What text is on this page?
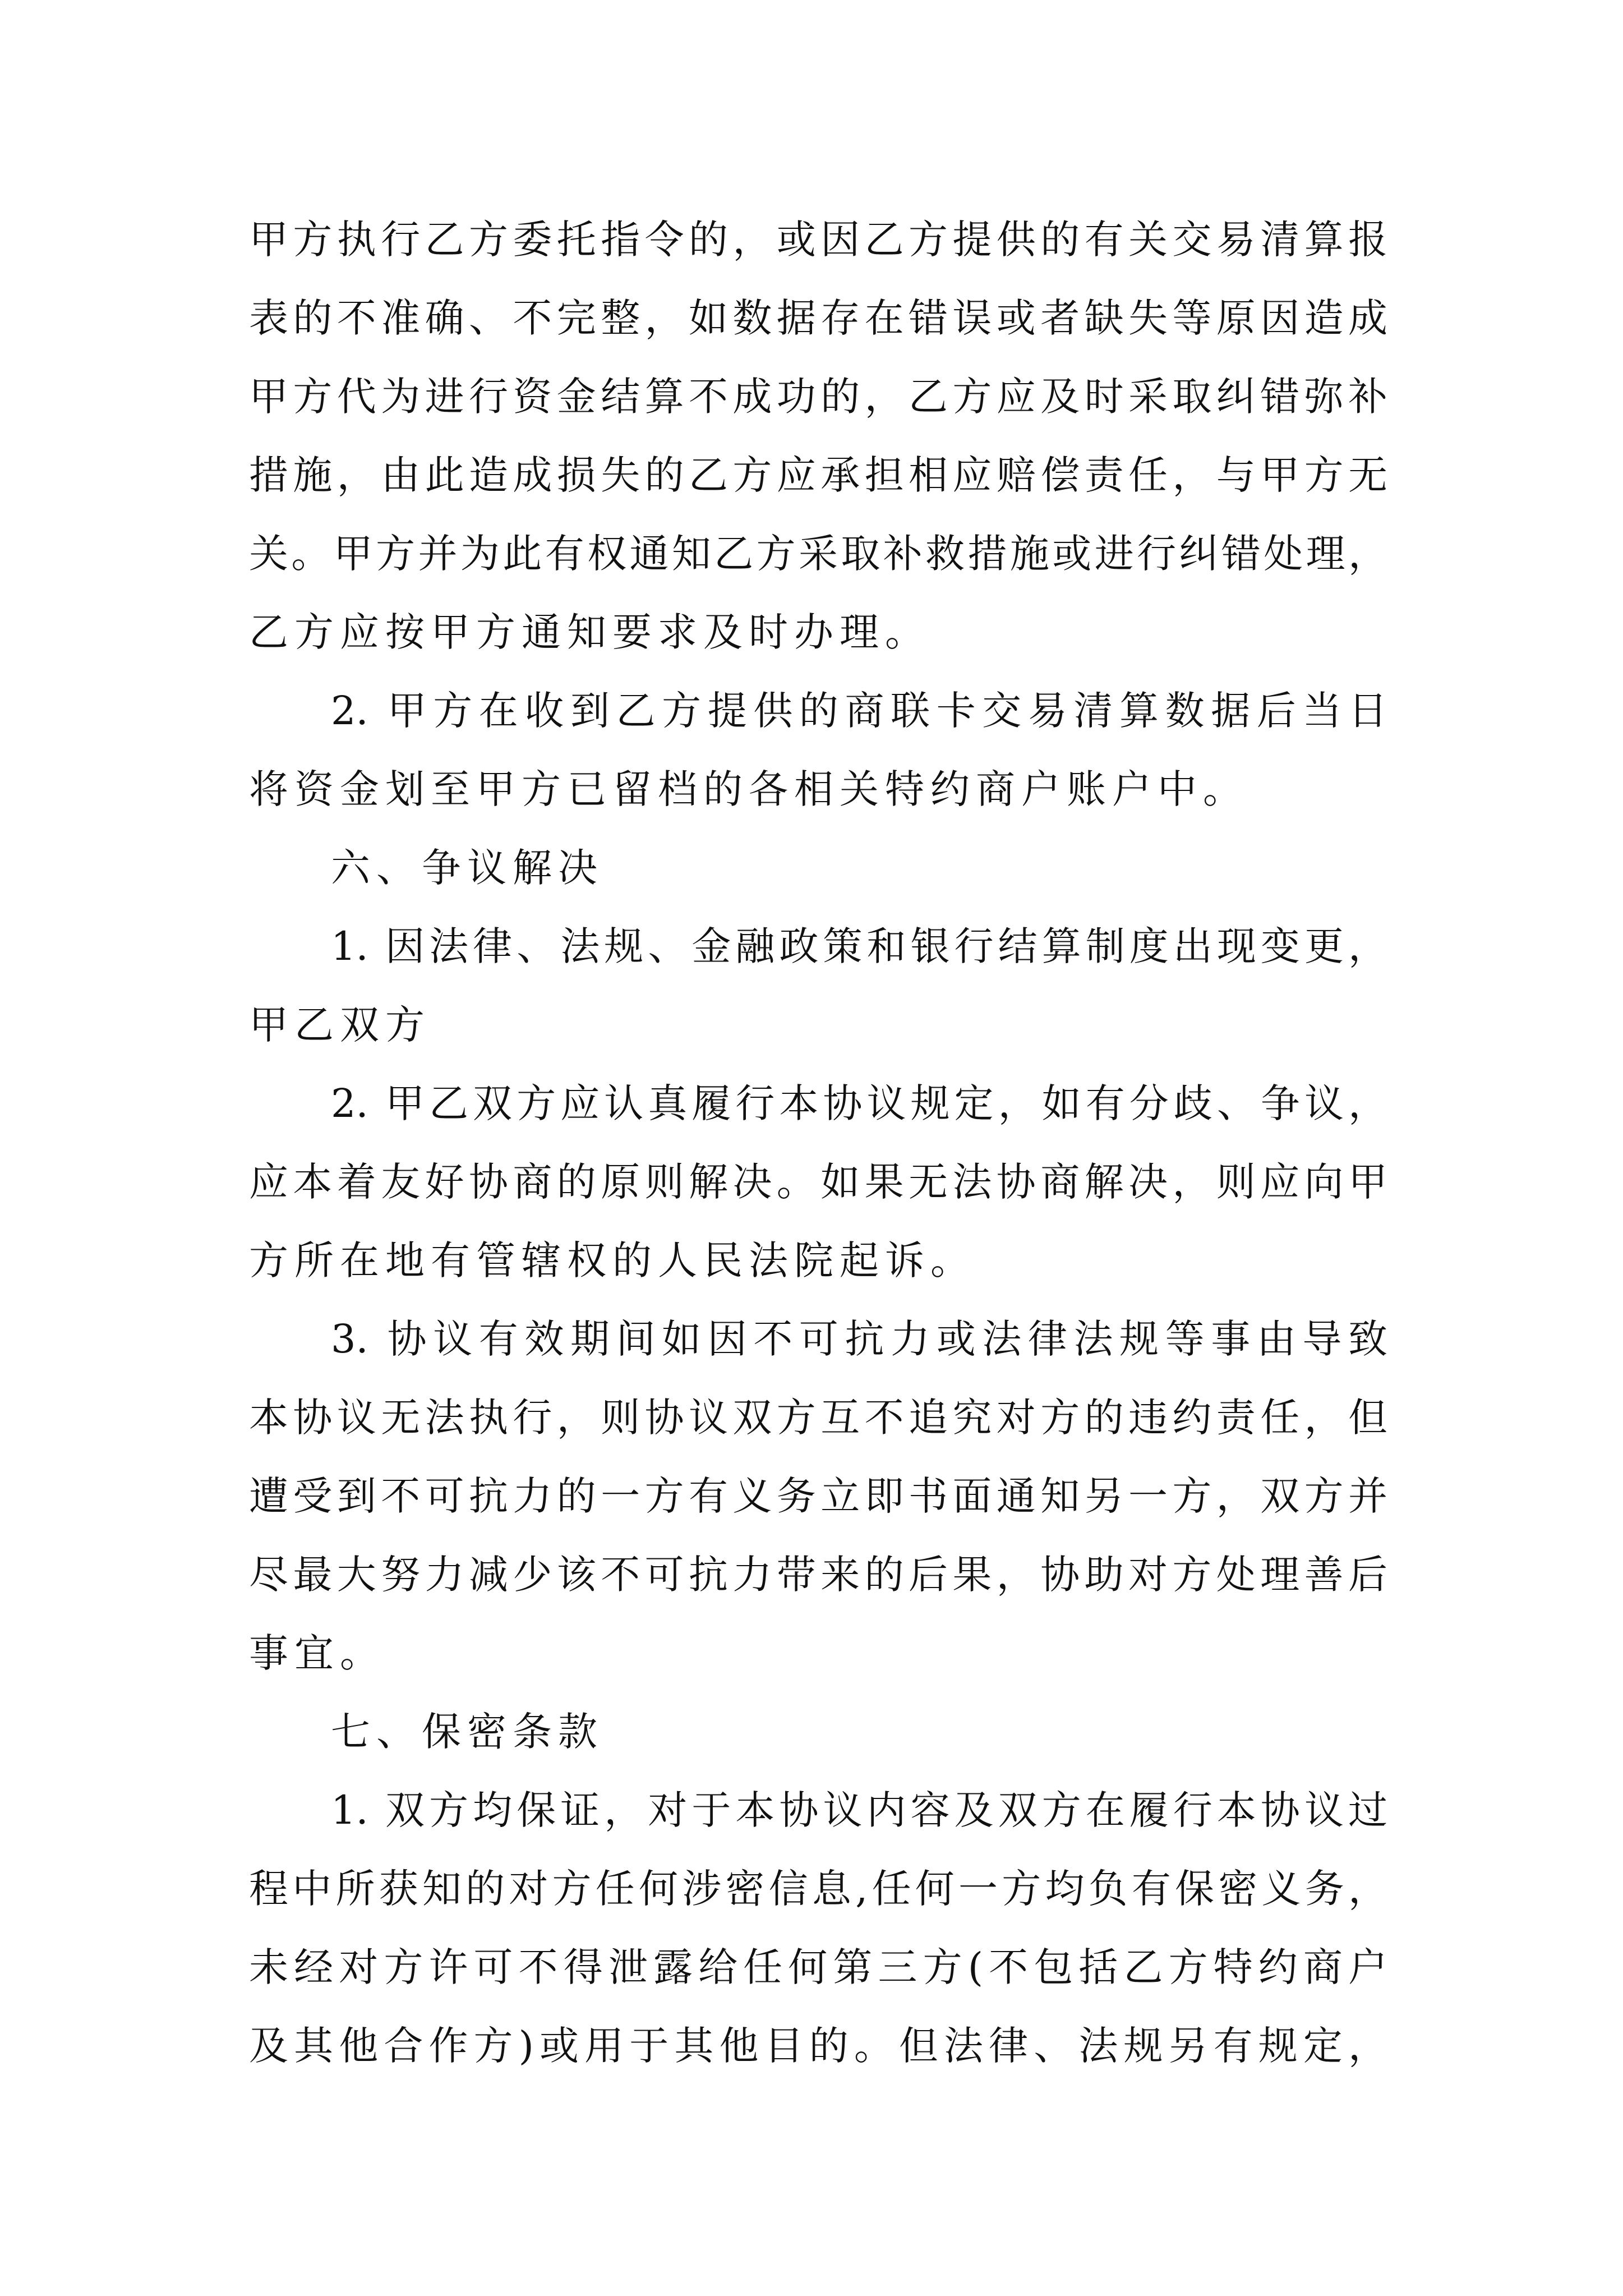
甲方执行乙方委托指令的，或因乙方提供的有关交易清算报
表的不准确、不完整，如数据存在错误或者缺失等原因造成
甲方代为进行资金结算不成功的，乙方应及时采取纠错弥补
措施，由此造成损失的乙方应承担相应赔偿责任，与甲方无
关。甲方并为此有权通知乙方采取补救措施或进行纠错处理，
乙方应按甲方通知要求及时办理。
2. 甲方在收到乙方提供的商联卡交易清算数据后当日
将资金划至甲方已留档的各相关特约商户账户中。
六、争议解决
1. 因法律、法规、金融政策和银行结算制度出现变更，
甲乙双方
2. 甲乙双方应认真履行本协议规定，如有分歧、争议，
应本着友好协商的原则解决。如果无法协商解决，则应向甲
方所在地有管辖权的人民法院起诉。
3. 协议有效期间如因不可抗力或法律法规等事由导致
本协议无法执行，则协议双方互不追究对方的违约责任，但
遭受到不可抗力的一方有义务立即书面通知另一方，双方并
尽最大努力减少该不可抗力带来的后果，协助对方处理善后
事宜。
七、保密条款
1. 双方均保证，对于本协议内容及双方在履行本协议过
程中所获知的对方任何涉密信息,任何一方均负有保密义务，
未经对方许可不得泄露给任何第三方(不包括乙方特约商户
及其他合作方)或用于其他目的。但法律、法规另有规定，
